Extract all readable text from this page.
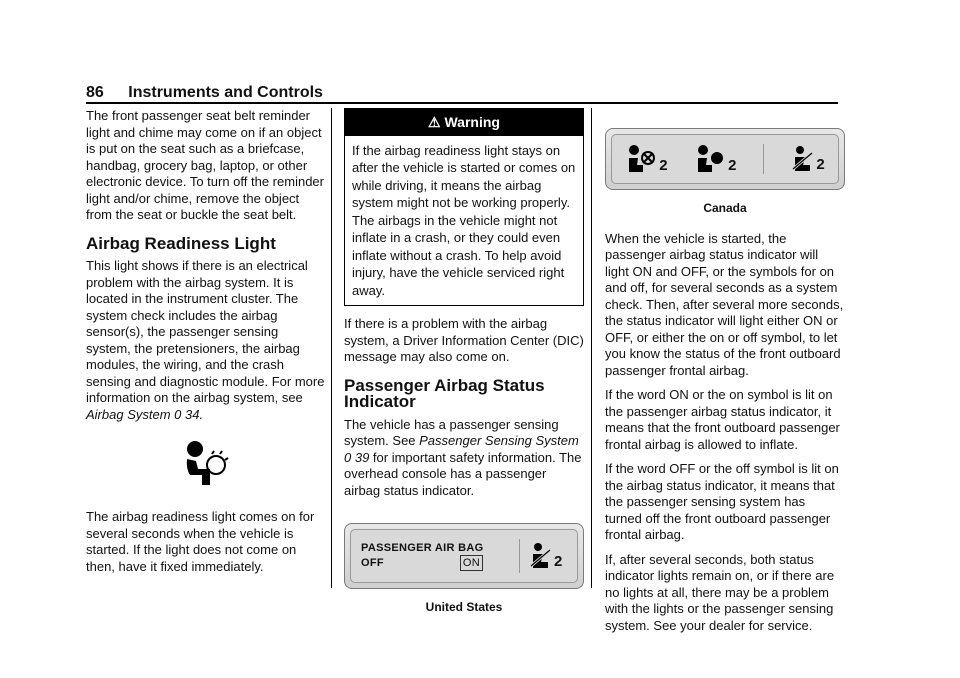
86 Instruments and Controls

The front passenger seat belt reminder light and chime may come on if an object is put on the seat such as a briefcase, handbag, grocery bag, laptop, or other electronic device. To turn off the reminder light and/or chime, remove the object from the seat or buckle the seat belt.

Airbag Readiness Light

This light shows if there is an electrical problem with the airbag system. It is located in the instrument cluster. The system check includes the airbag sensor(s), the passenger sensing system, the pretensioners, the airbag modules, the wiring, and the crash sensing and diagnostic module. For more information on the airbag system, see Airbag System 0 34.

The airbag readiness light comes on for several seconds when the vehicle is started. If the light does not come on then, have it fixed immediately.

⚠ Warning
If the airbag readiness light stays on after the vehicle is started or comes on while driving, it means the airbag system might not be working properly. The airbags in the vehicle might not inflate in a crash, or they could even inflate without a crash. To help avoid injury, have the vehicle serviced right away.

If there is a problem with the airbag system, a Driver Information Center (DIC) message may also come on.

Passenger Airbag Status Indicator

The vehicle has a passenger sensing system. See Passenger Sensing System 0 39 for important safety information. The overhead console has a passenger airbag status indicator.

PASSENGER AIR BAG
OFF	ON	2
United States
2	2	2
Canada

When the vehicle is started, the passenger airbag status indicator will light ON and OFF, or the symbols for on and off, for several seconds as a system check. Then, after several more seconds, the status indicator will light either ON or OFF, or either the on or off symbol, to let you know the status of the front outboard passenger frontal airbag.

If the word ON or the on symbol is lit on the passenger airbag status indicator, it means that the front outboard passenger frontal airbag is allowed to inflate.

If the word OFF or the off symbol is lit on the airbag status indicator, it means that the passenger sensing system has turned off the front outboard passenger frontal airbag.

If, after several seconds, both status indicator lights remain on, or if there are no lights at all, there may be a problem with the lights or the passenger sensing system. See your dealer for service.
